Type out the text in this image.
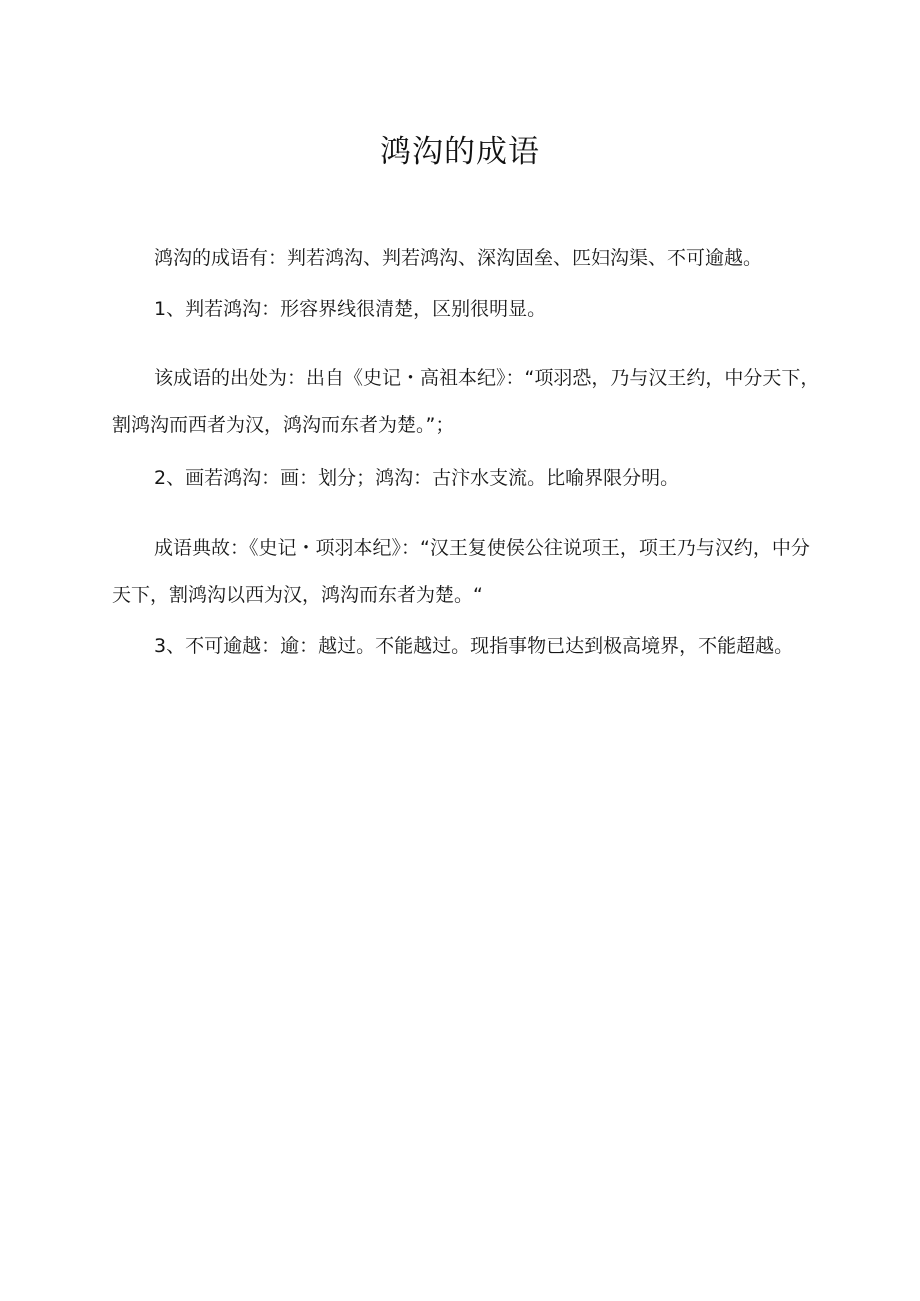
鸿沟的成语

鸿沟的成语有：判若鸿沟、判若鸿沟、深沟固垒、匹妇沟渠、不可逾越。

1、判若鸿沟：形容界线很清楚，区别很明显。

该成语的出处为：出自《史记・高祖本纪》：“项羽恐，乃与汉王约，中分天下，割鸿沟而西者为汉，鸿沟而东者为楚。”；

2、画若鸿沟：画：划分；鸿沟：古汴水支流。比喻界限分明。

成语典故：《史记・项羽本纪》：“汉王复使侯公往说项王，项王乃与汉约，中分天下，割鸿沟以西为汉，鸿沟而东者为楚。“

3、不可逾越：逾：越过。不能越过。现指事物已达到极高境界，不能超越。
